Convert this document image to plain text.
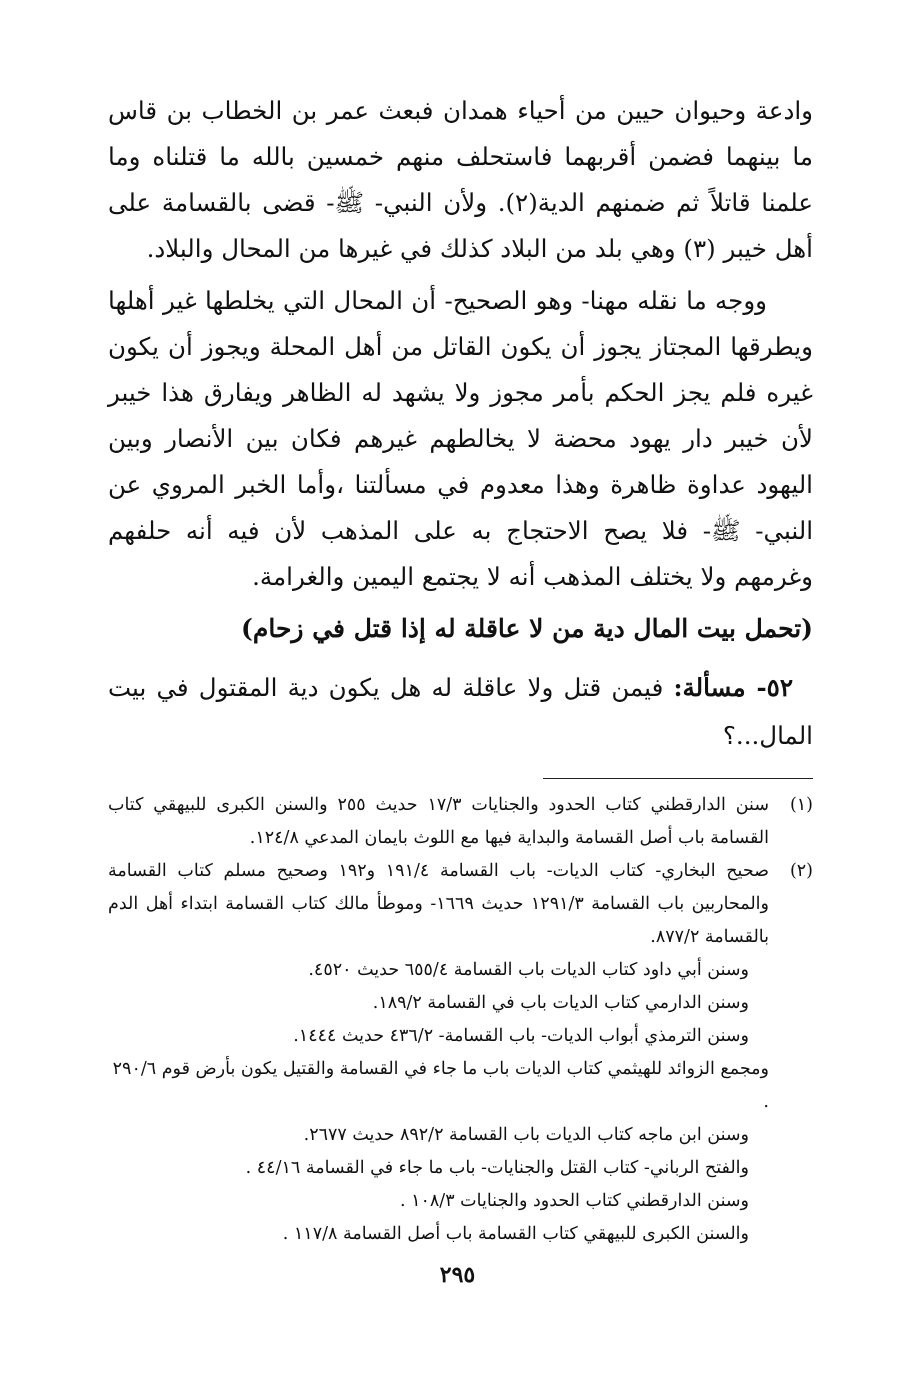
وادعة وحيوان حيين من أحياء همدان فبعث عمر بن الخطاب بن قاس ما بينهما فضمن أقربهما فاستحلف منهم خمسين بالله ما قتلناه وما علمنا قاتلاً ثم ضمنهم الدية(٢). ولأن النبي- ﷺ- قضى بالقسامة على أهل خيبر (٣) وهي بلد من البلاد كذلك في غيرها من المحال والبلاد.

ووجه ما نقله مهنا- وهو الصحيح- أن المحال التي يخلطها غير أهلها ويطرقها المجتاز يجوز أن يكون القاتل من أهل المحلة ويجوز أن يكون غيره فلم يجز الحكم بأمر مجوز ولا يشهد له الظاهر ويفارق هذا خيبر لأن خيبر دار يهود محضة لا يخالطهم غيرهم فكان بين الأنصار وبين اليهود عداوة ظاهرة وهذا معدوم في مسألتنا ،وأما الخبر المروي عن النبي- ﷺ- فلا يصح الاحتجاج به على المذهب لأن فيه أنه حلفهم وغرمهم ولا يختلف المذهب أنه لا يجتمع اليمين والغرامة.

(تحمل بيت المال دية من لا عاقلة له إذا قتل في زحام)

٥٢- مسألة: فيمن قتل ولا عاقلة له هل يكون دية المقتول في بيت المال...؟

(١)
سنن الدارقطني كتاب الحدود والجنايات ١٧/٣ حديث ٢٥٥ والسنن الكبرى للبيهقي كتاب القسامة باب أصل القسامة والبداية فيها مع اللوث بايمان المدعي ١٢٤/٨.
(٢)
صحيح البخاري- كتاب الديات- باب القسامة ١٩١/٤ و١٩٢ وصحيح مسلم كتاب القسامة والمحاربين باب القسامة ١٢٩١/٣ حديث ١٦٦٩- وموطأ مالك كتاب القسامة ابتداء أهل الدم بالقسامة ٨٧٧/٢.
وسنن أبي داود كتاب الديات باب القسامة ٦٥٥/٤ حديث ٤٥٢٠.
وسنن الدارمي كتاب الديات باب في القسامة ١٨٩/٢.
وسنن الترمذي أبواب الديات- باب القسامة- ٤٣٦/٢ حديث ١٤٤٤.
ومجمع الزوائد للهيثمي كتاب الديات باب ما جاء في القسامة والقتيل يكون بأرض قوم ٢٩٠/٦ .
وسنن ابن ماجه كتاب الديات باب القسامة ٨٩٢/٢ حديث ٢٦٧٧.
والفتح الرباني- كتاب القتل والجنايات- باب ما جاء في القسامة ٤٤/١٦ .
وسنن الدارقطني كتاب الحدود والجنايات ١٠٨/٣ .
والسنن الكبرى للبيهقي كتاب القسامة باب أصل القسامة ١١٧/٨ .
٢٩٥
